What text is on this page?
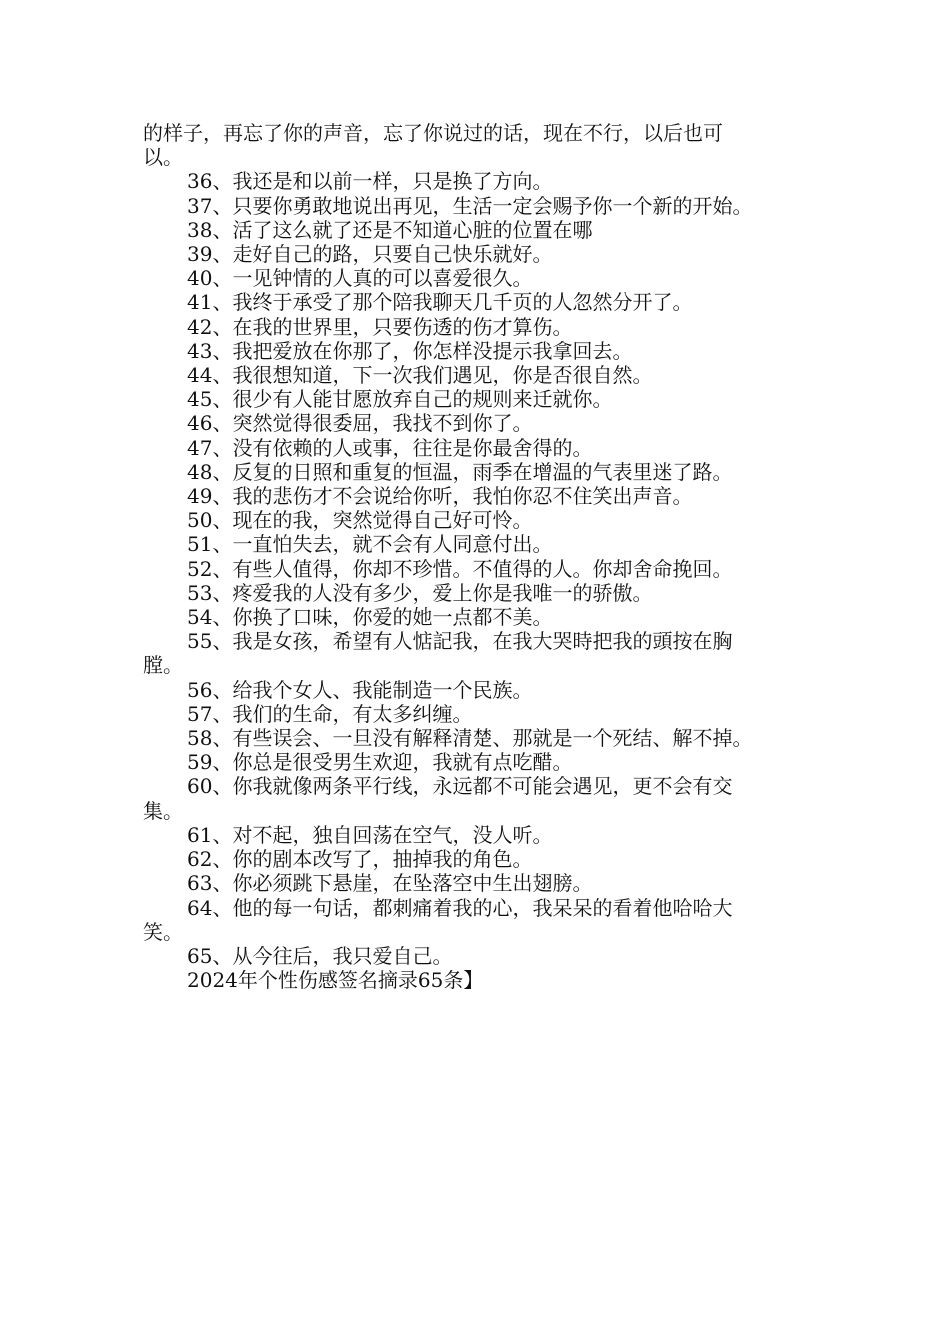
的样子，再忘了你的声音，忘了你说过的话，现在不行，以后也可
以。
36、我还是和以前一样，只是换了方向。
37、只要你勇敢地说出再见，生活一定会赐予你一个新的开始。
38、活了这么就了还是不知道心脏的位置在哪
39、走好自己的路，只要自己快乐就好。
40、一见钟情的人真的可以喜爱很久。
41、我终于承受了那个陪我聊天几千页的人忽然分开了。
42、在我的世界里，只要伤透的伤才算伤。
43、我把爱放在你那了，你怎样没提示我拿回去。
44、我很想知道，下一次我们遇见，你是否很自然。
45、很少有人能甘愿放弃自己的规则来迁就你。
46、突然觉得很委屈，我找不到你了。
47、没有依赖的人或事，往往是你最舍得的。
48、反复的日照和重复的恒温，雨季在增温的气表里迷了路。
49、我的悲伤才不会说给你听，我怕你忍不住笑出声音。
50、现在的我，突然觉得自己好可怜。
51、一直怕失去，就不会有人同意付出。
52、有些人值得，你却不珍惜。不值得的人。你却舍命挽回。
53、疼爱我的人没有多少，爱上你是我唯一的骄傲。
54、你换了口味，你爱的她一点都不美。
55、我是女孩，希望有人惦記我，在我大哭時把我的頭按在胸
膛。
56、给我个女人、我能制造一个民族。
57、我们的生命，有太多纠缠。
58、有些误会、一旦没有解释清楚、那就是一个死结、解不掉。
59、你总是很受男生欢迎，我就有点吃醋。
60、你我就像两条平行线，永远都不可能会遇见，更不会有交
集。
61、对不起，独自回荡在空气，没人听。
62、你的剧本改写了，抽掉我的角色。
63、你必须跳下悬崖，在坠落空中生出翅膀。
64、他的每一句话，都刺痛着我的心，我呆呆的看着他哈哈大
笑。
65、从今往后，我只爱自己。
2024年个性伤感签名摘录65条】
